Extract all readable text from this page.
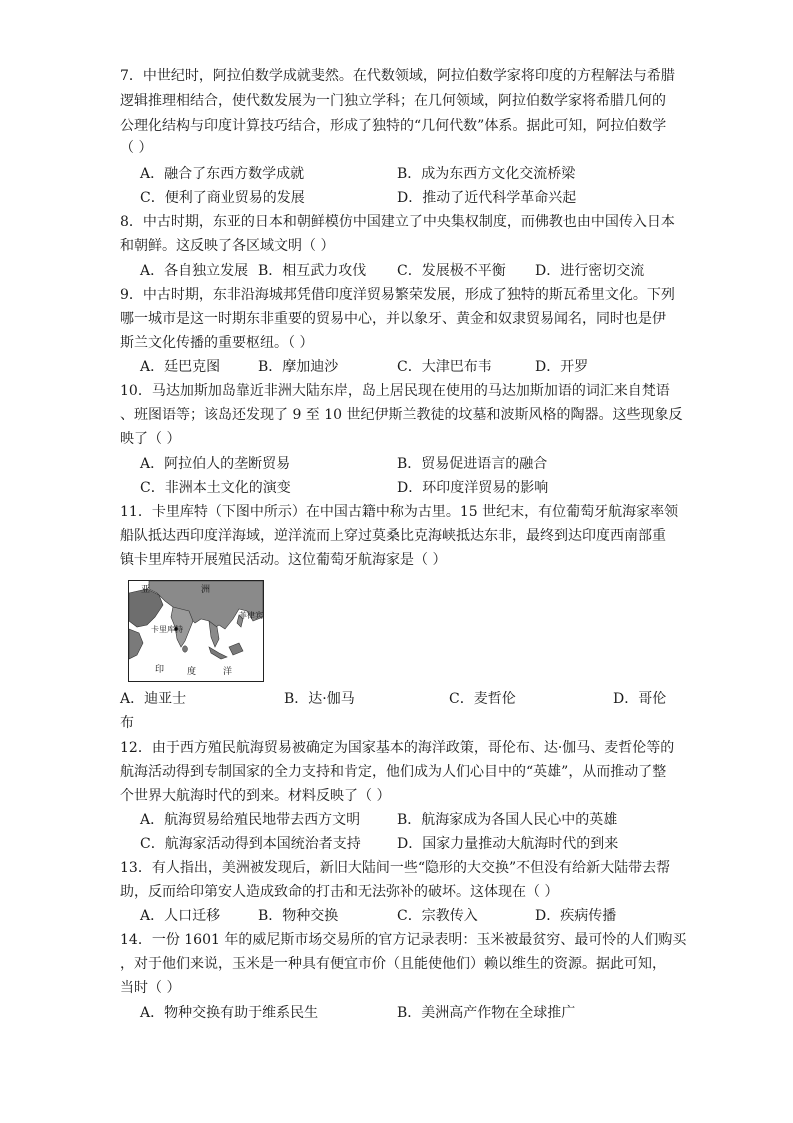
7．中世纪时，阿拉伯数学成就斐然。在代数领域，阿拉伯数学家将印度的方程解法与希腊
逻辑推理相结合，使代数发展为一门独立学科；在几何领域，阿拉伯数学家将希腊几何的
公理化结构与印度计算技巧结合，形成了独特的“几何代数”体系。据此可知，阿拉伯数学
（ ）
A．融合了东西方数学成就	B．成为东西方文化交流桥梁
C．便利了商业贸易的发展	D．推动了近代科学革命兴起
8．中古时期，东亚的日本和朝鲜模仿中国建立了中央集权制度，而佛教也由中国传入日本
和朝鲜。这反映了各区域文明（ ）
A．各自独立发展 B．相互武力攻伐 C．发展极不平衡 D．进行密切交流
9．中古时期，东非沿海城邦凭借印度洋贸易繁荣发展，形成了独特的斯瓦希里文化。下列
哪一城市是这一时期东非重要的贸易中心，并以象牙、黄金和奴隶贸易闻名，同时也是伊
斯兰文化传播的重要枢纽。（ ）
A．廷巴克图	B．摩加迪沙	C．大津巴布韦	D．开罗
10．马达加斯加岛靠近非洲大陆东岸，岛上居民现在使用的马达加斯加语的词汇来自梵语
、班图语等；该岛还发现了 9 至 10 世纪伊斯兰教徒的坟墓和波斯风格的陶器。这些现象反
映了（ ）
A．阿拉伯人的垄断贸易	B．贸易促进语言的融合
C．非洲本土文化的演变	D．环印度洋贸易的影响
11．卡里库特（下图中所示）在中国古籍中称为古里。15 世纪末，有位葡萄牙航海家率领
船队抵达西印度洋海域，逆洋流而上穿过莫桑比克海峡抵达东非，最终到达印度西南部重
镇卡里库特开展殖民活动。这位葡萄牙航海家是（ ）
亚	洲
卡里库特
菲律宾
印	度	洋
A．迪亚士	B．达·伽马	C．麦哲伦	D．哥伦
布
12．由于西方殖民航海贸易被确定为国家基本的海洋政策，哥伦布、达·伽马、麦哲伦等的
航海活动得到专制国家的全力支持和肯定，他们成为人们心目中的“英雄”，从而推动了整
个世界大航海时代的到来。材料反映了（ ）
A．航海贸易给殖民地带去西方文明	B．航海家成为各国人民心中的英雄
C．航海家活动得到本国统治者支持	D．国家力量推动大航海时代的到来
13．有人指出，美洲被发现后，新旧大陆间一些“隐形的大交换”不但没有给新大陆带去帮
助，反而给印第安人造成致命的打击和无法弥补的破坏。这体现在（ ）
A．人口迁移	B．物种交换	C．宗教传入	D．疾病传播
14．一份 1601 年的威尼斯市场交易所的官方记录表明：玉米被最贫穷、最可怜的人们购买
，对于他们来说，玉米是一种具有便宜市价（且能使他们）赖以维生的资源。据此可知，
当时（ ）
A．物种交换有助于维系民生	B．美洲高产作物在全球推广
